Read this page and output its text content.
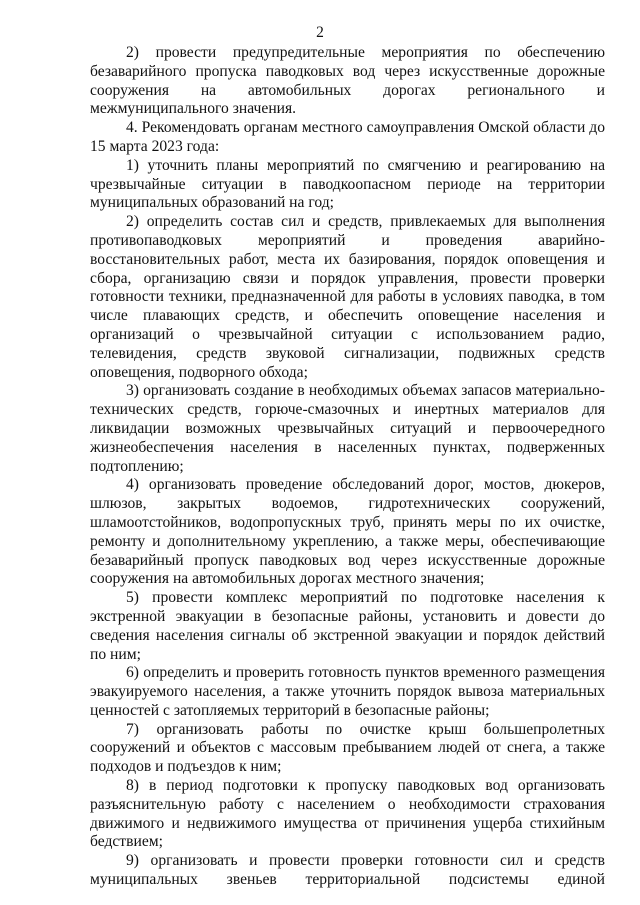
2

2) провести предупредительные мероприятия по обеспечению безаварийного пропуска паводковых вод через искусственные дорожные сооружения на автомобильных дорогах регионального и межмуниципального значения.

4. Рекомендовать органам местного самоуправления Омской области до 15 марта 2023 года:

1) уточнить планы мероприятий по смягчению и реагированию на чрезвычайные ситуации в паводкоопасном периоде на территории муниципальных образований на год;

2) определить состав сил и средств, привлекаемых для выполнения противопаводковых мероприятий и проведения аварийно-восстановительных работ, места их базирования, порядок оповещения и сбора, организацию связи и порядок управления, провести проверки готовности техники, предназначенной для работы в условиях паводка, в том числе плавающих средств, и обеспечить оповещение населения и организаций о чрезвычайной ситуации с использованием радио, телевидения, средств звуковой сигнализации, подвижных средств оповещения, подворного обхода;

3) организовать создание в необходимых объемах запасов материально-технических средств, горюче-смазочных и инертных материалов для ликвидации возможных чрезвычайных ситуаций и первоочередного жизнеобеспечения населения в населенных пунктах, подверженных подтоплению;

4) организовать проведение обследований дорог, мостов, дюкеров, шлюзов, закрытых водоемов, гидротехнических сооружений, шламоотстойников, водопропускных труб, принять меры по их очистке, ремонту и дополнительному укреплению, а также меры, обеспечивающие безаварийный пропуск паводковых вод через искусственные дорожные сооружения на автомобильных дорогах местного значения;

5) провести комплекс мероприятий по подготовке населения к экстренной эвакуации в безопасные районы, установить и довести до сведения населения сигналы об экстренной эвакуации и порядок действий по ним;

6) определить и проверить готовность пунктов временного размещения эвакуируемого населения, а также уточнить порядок вывоза материальных ценностей с затопляемых территорий в безопасные районы;

7) организовать работы по очистке крыш большепролетных сооружений и объектов с массовым пребыванием людей от снега, а также подходов и подъездов к ним;

8) в период подготовки к пропуску паводковых вод организовать разъяснительную работу с населением о необходимости страхования движимого и недвижимого имущества от причинения ущерба стихийным бедствием;

9) организовать и провести проверки готовности сил и средств муниципальных звеньев территориальной подсистемы единой
